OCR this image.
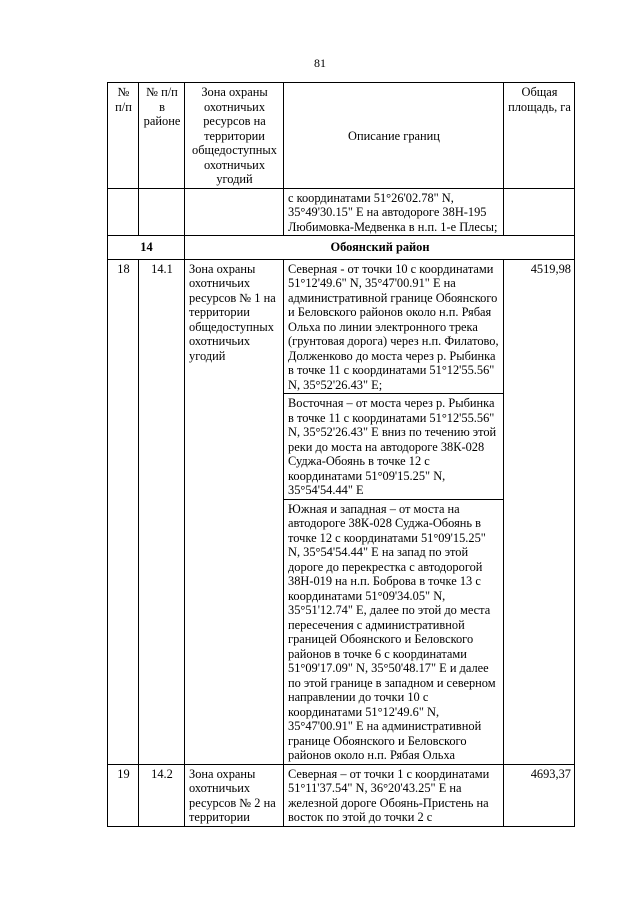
81
№ п/п	№ п/п в районе	Зона охраны охотничьих ресурсов на территории общедоступных охотничьих угодий	Описание границ	Общая площадь, га
			с координатами 51°26'02.78" N, 35°49'30.15" Е на автодороге 38Н-195 Любимовка-Медвенка в н.п. 1-е Плесы;	
14		Обоянский район		
18	14.1	Зона охраны охотничьих ресурсов № 1 на территории общедоступных охотничьих угодий	Северная - от точки 10 с координатами 51°12'49.6" N, 35°47'00.91" Е на административной границе Обоянского и Беловского районов около н.п. Рябая Ольха по линии электронного трека (грунтовая дорога) через н.п. Филатово, Долженково до моста через р. Рыбинка в точке 11 с координатами 51°12'55.56" N, 35°52'26.43" Е;	4519,98
			Восточная – от моста через р. Рыбинка в точке 11 с координатами 51°12'55.56" N, 35°52'26.43" Е вниз по течению этой реки до моста на автодороге 38К-028 Суджа-Обоянь в точке 12 с координатами 51°09'15.25" N, 35°54'54.44" Е	
			Южная и западная – от моста на автодороге 38К-028 Суджа-Обоянь в точке 12 с координатами 51°09'15.25" N, 35°54'54.44" Е на запад по этой дороге до перекрестка с автодорогой 38Н-019 на н.п. Боброва в точке 13 с координатами 51°09'34.05" N, 35°51'12.74" Е, далее по этой до места пересечения с административной границей Обоянского и Беловского районов в точке 6 с координатами 51°09'17.09" N, 35°50'48.17" Е и далее по этой границе в западном и северном направлении до точки 10 с координатами 51°12'49.6" N, 35°47'00.91" Е на административной границе Обоянского и Беловского районов около н.п. Рябая Ольха	
19	14.2	Зона охраны охотничьих ресурсов № 2 на территории	Северная – от точки 1 с координатами 51°11'37.54" N, 36°20'43.25" Е на железной дороге Обоянь-Пристень на восток по этой до точки 2 с	4693,37
